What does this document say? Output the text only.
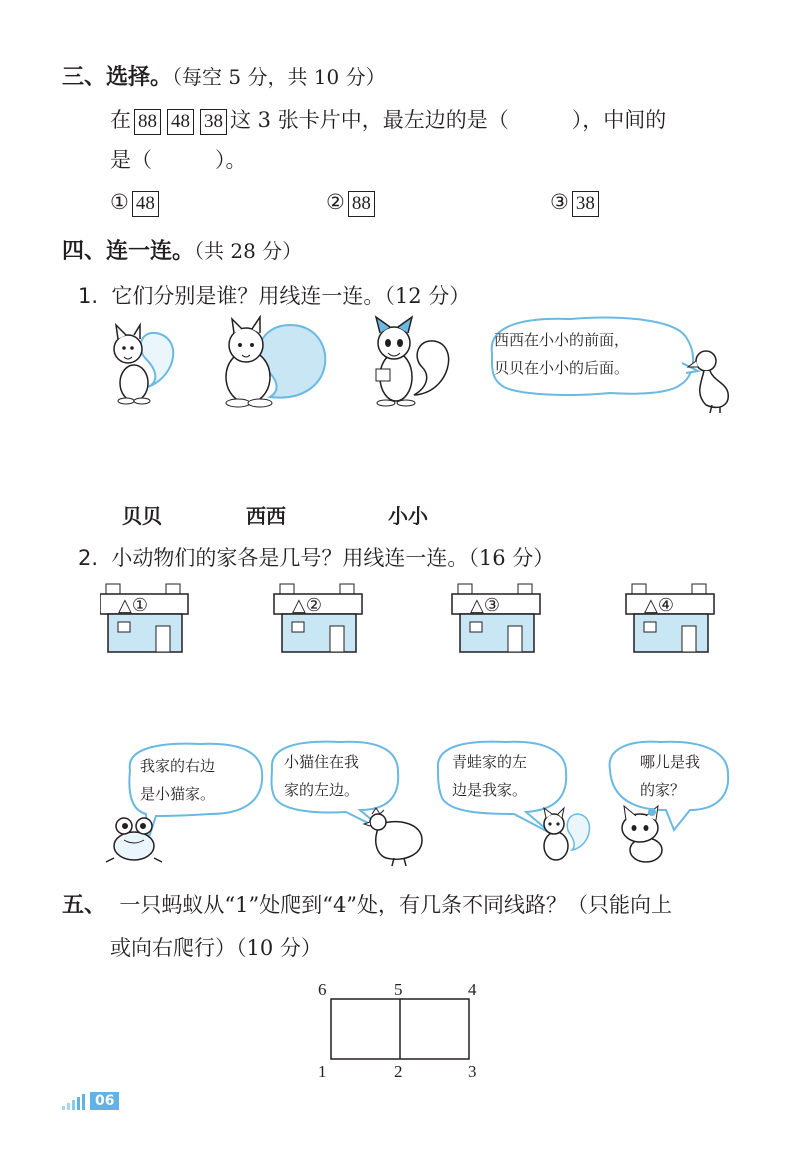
三、选择。（每空 5 分，共 10 分）
在 88 48 38 这 3 张卡片中，最左边的是（　　　），中间的
是（　　　）。
① 48	② 88	③ 38
四、连一连。（共 28 分）
1. 它们分别是谁？用线连一连。（12 分）
西西在小小的前面，
贝贝在小小的后面。
贝贝	西西	小小
2. 小动物们的家各是几号？用线连一连。（16 分）
△①	△②	△③	△④
我家的右边
是小猫家。
小猫住在我
家的左边。
青蛙家的左
边是我家。
哪儿是我
的家？
五、 一只蚂蚁从“1”处爬到“4”处，有几条不同线路？（只能向上
或向右爬行）（10 分）
6	5	4
1	2	3
06
